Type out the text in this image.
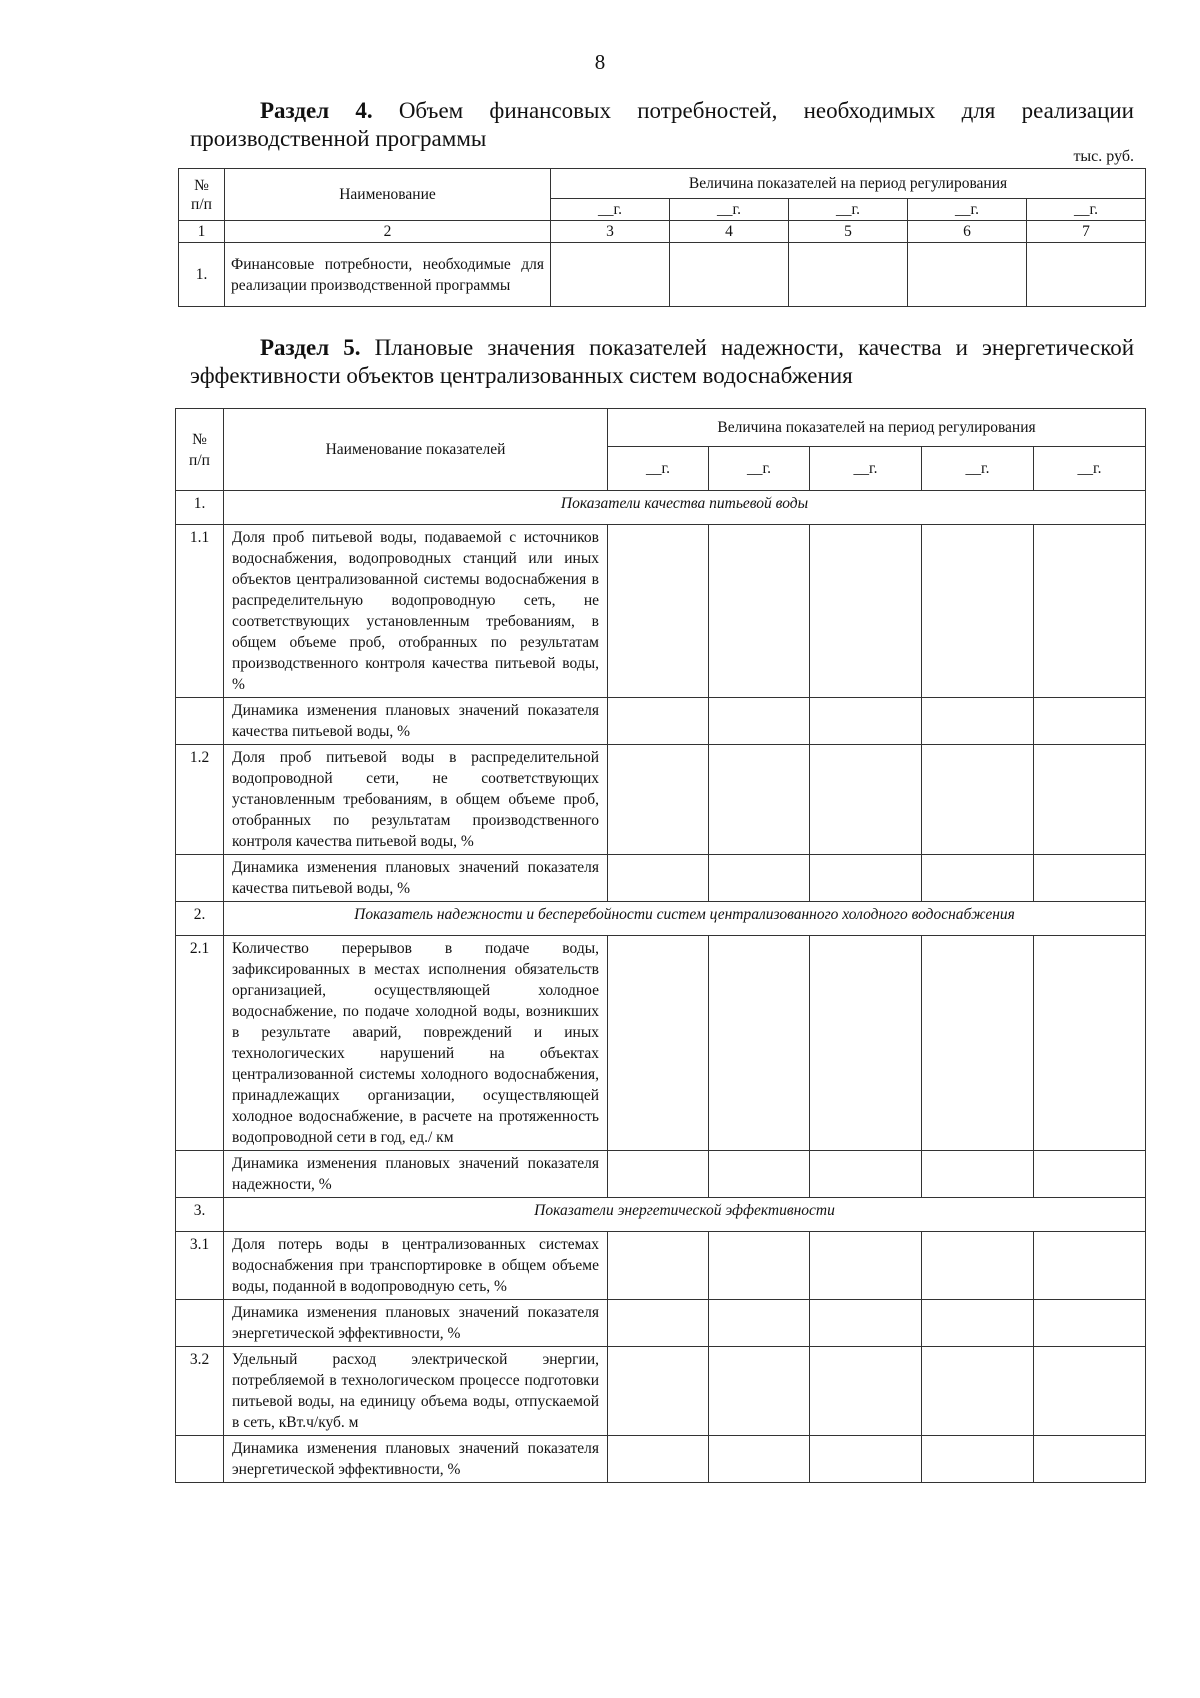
8
Раздел 4. Объем финансовых потребностей, необходимых для реализации производственной программы
тыс. руб.
№
п/п	Наименование	Величина показателей на период регулирования				
		__г.	__г.	__г.	__г.	__г.
1	2	3	4	5	6	7
1.	Финансовые потребности, необходимые для реализации производственной программы					
Раздел 5. Плановые значения показателей надежности, качества и энергетической эффективности объектов централизованных систем водоснабжения
№
п/п	Наименование показателей	Величина показателей на период регулирования				
		__г.	__г.	__г.	__г.	__г.
1.	Показатели качества питьевой воды					
1.1	Доля проб питьевой воды, подаваемой с источников водоснабжения, водопроводных станций или иных объектов централизованной системы водоснабжения в распределительную водопроводную сеть, не соответствующих установленным требованиям, в общем объеме проб, отобранных по результатам производственного контроля качества питьевой воды, %					
	Динамика изменения плановых значений показателя качества питьевой воды, %					
1.2	Доля проб питьевой воды в распределительной водопроводной сети, не соответствующих установленным требованиям, в общем объеме проб, отобранных по результатам производственного контроля качества питьевой воды, %					
	Динамика изменения плановых значений показателя качества питьевой воды, %					
2.	Показатель надежности и бесперебойности систем централизованного холодного водоснабжения					
2.1	Количество перерывов в подаче воды, зафиксированных в местах исполнения обязательств организацией, осуществляющей холодное водоснабжение, по подаче холодной воды, возникших в результате аварий, повреждений и иных технологических нарушений на объектах централизованной системы холодного водоснабжения, принадлежащих организации, осуществляющей холодное водоснабжение, в расчете на протяженность водопроводной сети в год, ед./ км					
	Динамика изменения плановых значений показателя надежности, %					
3.	Показатели энергетической эффективности					
3.1	Доля потерь воды в централизованных системах водоснабжения при транспортировке в общем объеме воды, поданной в водопроводную сеть, %					
	Динамика изменения плановых значений показателя энергетической эффективности, %					
3.2	Удельный расход электрической энергии, потребляемой в технологическом процессе подготовки питьевой воды, на единицу объема воды, отпускаемой в сеть, кВт.ч/куб. м					
	Динамика изменения плановых значений показателя энергетической эффективности, %					
